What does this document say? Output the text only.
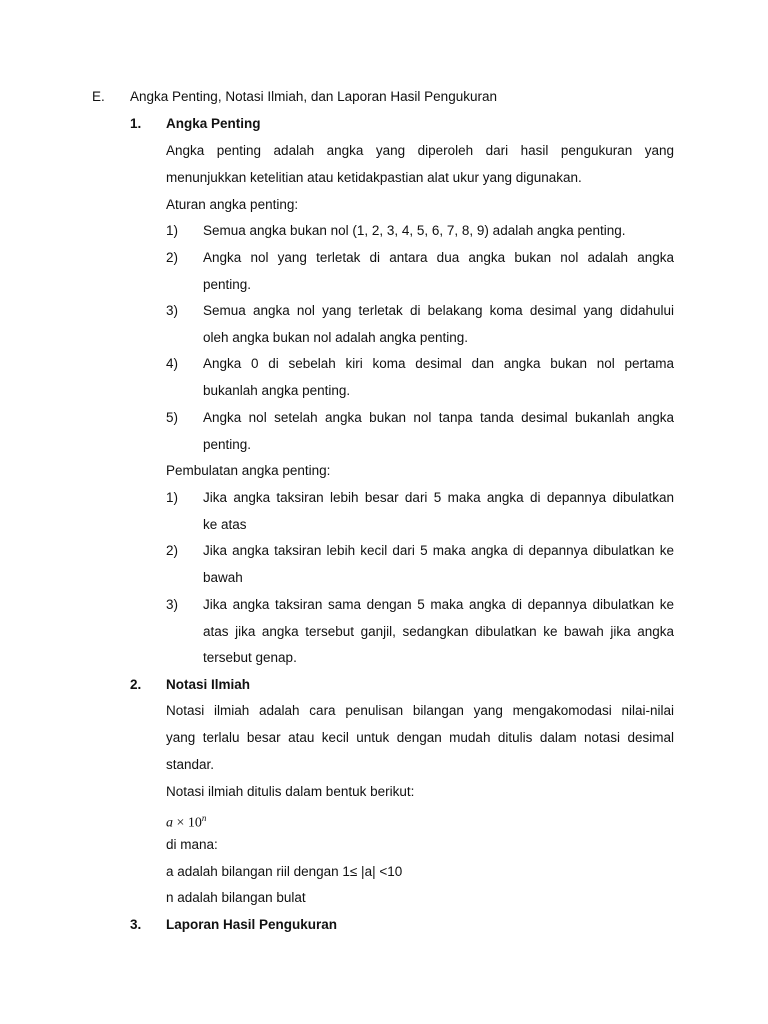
E. Angka Penting, Notasi Ilmiah, dan Laporan Hasil Pengukuran
1. Angka Penting
Angka penting adalah angka yang diperoleh dari hasil pengukuran yang
menunjukkan ketelitian atau ketidakpastian alat ukur yang digunakan.
Aturan angka penting:
1) Semua angka bukan nol (1, 2, 3, 4, 5, 6, 7, 8, 9) adalah angka penting.
2) Angka nol yang terletak di antara dua angka bukan nol adalah angka
penting.
3) Semua angka nol yang terletak di belakang koma desimal yang didahului
oleh angka bukan nol adalah angka penting.
4) Angka 0 di sebelah kiri koma desimal dan angka bukan nol pertama
bukanlah angka penting.
5) Angka nol setelah angka bukan nol tanpa tanda desimal bukanlah angka
penting.
Pembulatan angka penting:
1) Jika angka taksiran lebih besar dari 5 maka angka di depannya dibulatkan
ke atas
2) Jika angka taksiran lebih kecil dari 5 maka angka di depannya dibulatkan ke
bawah
3) Jika angka taksiran sama dengan 5 maka angka di depannya dibulatkan ke
atas jika angka tersebut ganjil, sedangkan dibulatkan ke bawah jika angka
tersebut genap.
2. Notasi Ilmiah
Notasi ilmiah adalah cara penulisan bilangan yang mengakomodasi nilai-nilai
yang terlalu besar atau kecil untuk dengan mudah ditulis dalam notasi desimal
standar.
Notasi ilmiah ditulis dalam bentuk berikut:
$a \times 10^n$
di mana:
a adalah bilangan riil dengan 1≤ |a| <10
n adalah bilangan bulat
3. Laporan Hasil Pengukuran
